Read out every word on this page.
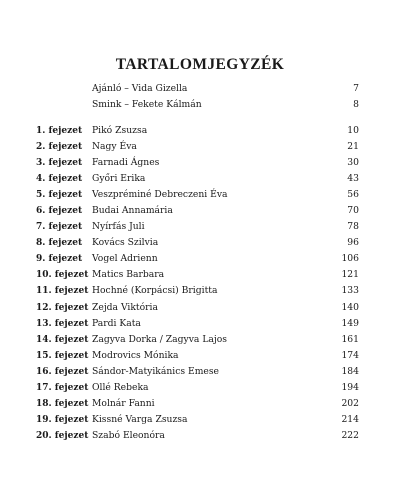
TARTALOMJEGYZÉK
Ajánló – Vida Gizella	7
Smink – Fekete Kálmán	8
1. fejezet	Pikó Zsuzsa	10
2. fejezet	Nagy Éva	21
3. fejezet	Farnadi Ágnes	30
4. fejezet	Győri Erika	43
5. fejezet	Veszpréminé Debreczeni Éva	56
6. fejezet	Budai Annamária	70
7. fejezet	Nyírfás Juli	78
8. fejezet	Kovács Szilvia	96
9. fejezet	Vogel Adrienn	106
10. fejezet Matics Barbara	121
11. fejezet Hochné (Korpácsi) Brigitta	133
12. fejezet Zejda Viktória	140
13. fejezet Pardi Kata	149
14. fejezet Zagyva Dorka / Zagyva Lajos	161
15. fejezet Modrovics Mónika	174
16. fejezet Sándor-Matyikánics Emese	184
17. fejezet Ollé Rebeka	194
18. fejezet Molnár Fanni	202
19. fejezet Kissné Varga Zsuzsa	214
20. fejezet Szabó Eleonóra	222
